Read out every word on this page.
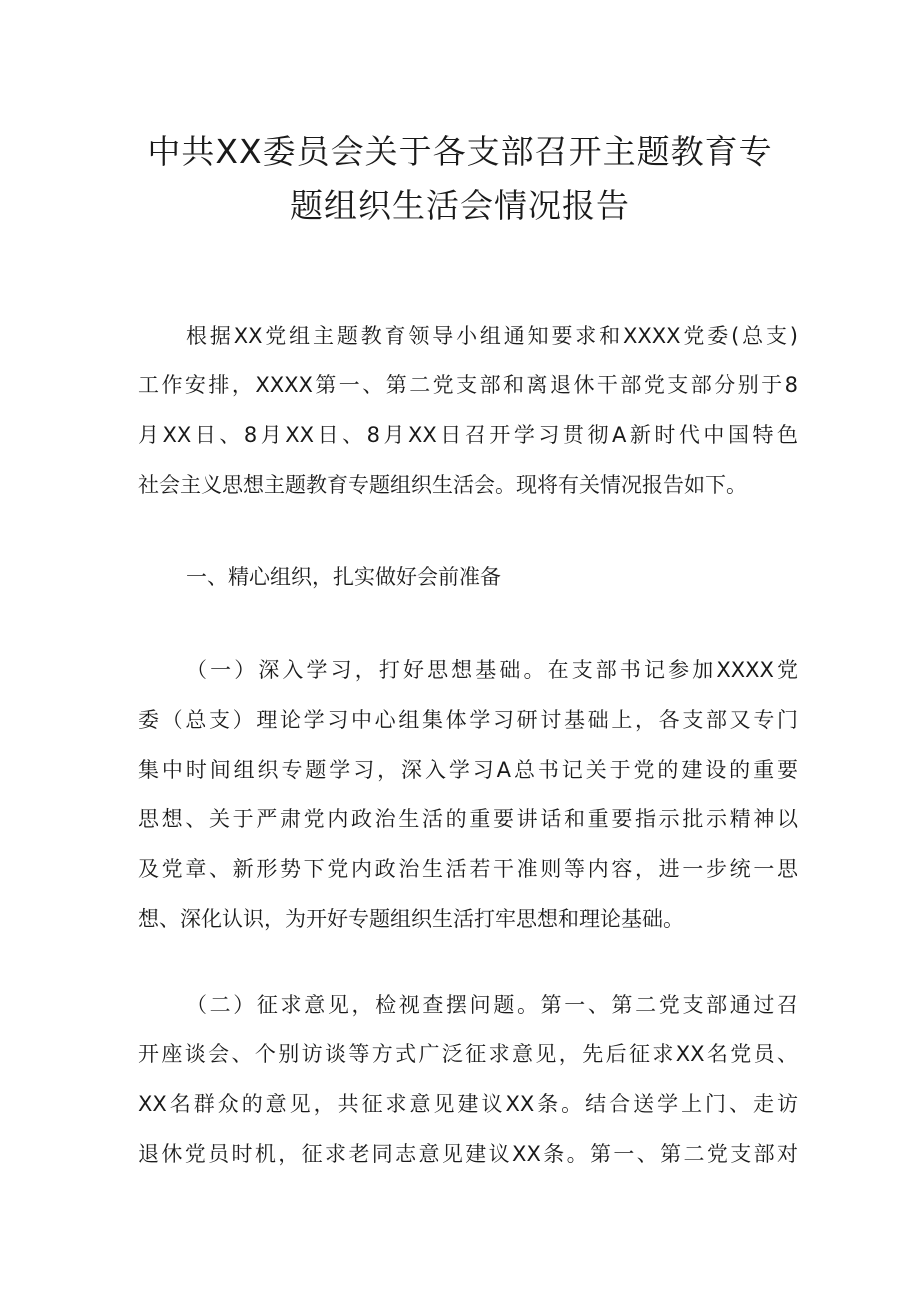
中共XX委员会关于各支部召开主题教育专
题组织生活会情况报告
根据XX党组主题教育领导小组通知要求和XXXX党委(总支)
工作安排，XXXX第一、第二党支部和离退休干部党支部分别于8
月XX日、8月XX日、8月XX日召开学习贯彻A新时代中国特色
社会主义思想主题教育专题组织生活会。现将有关情况报告如下。
一、精心组织，扎实做好会前准备
（一）深入学习，打好思想基础。在支部书记参加XXXX党
委（总支）理论学习中心组集体学习研讨基础上，各支部又专门
集中时间组织专题学习，深入学习A总书记关于党的建设的重要
思想、关于严肃党内政治生活的重要讲话和重要指示批示精神以
及党章、新形势下党内政治生活若干准则等内容，进一步统一思
想、深化认识，为开好专题组织生活打牢思想和理论基础。
（二）征求意见，检视查摆问题。第一、第二党支部通过召
开座谈会、个别访谈等方式广泛征求意见，先后征求XX名党员、
XX名群众的意见，共征求意见建议XX条。结合送学上门、走访
退休党员时机，征求老同志意见建议XX条。第一、第二党支部对
